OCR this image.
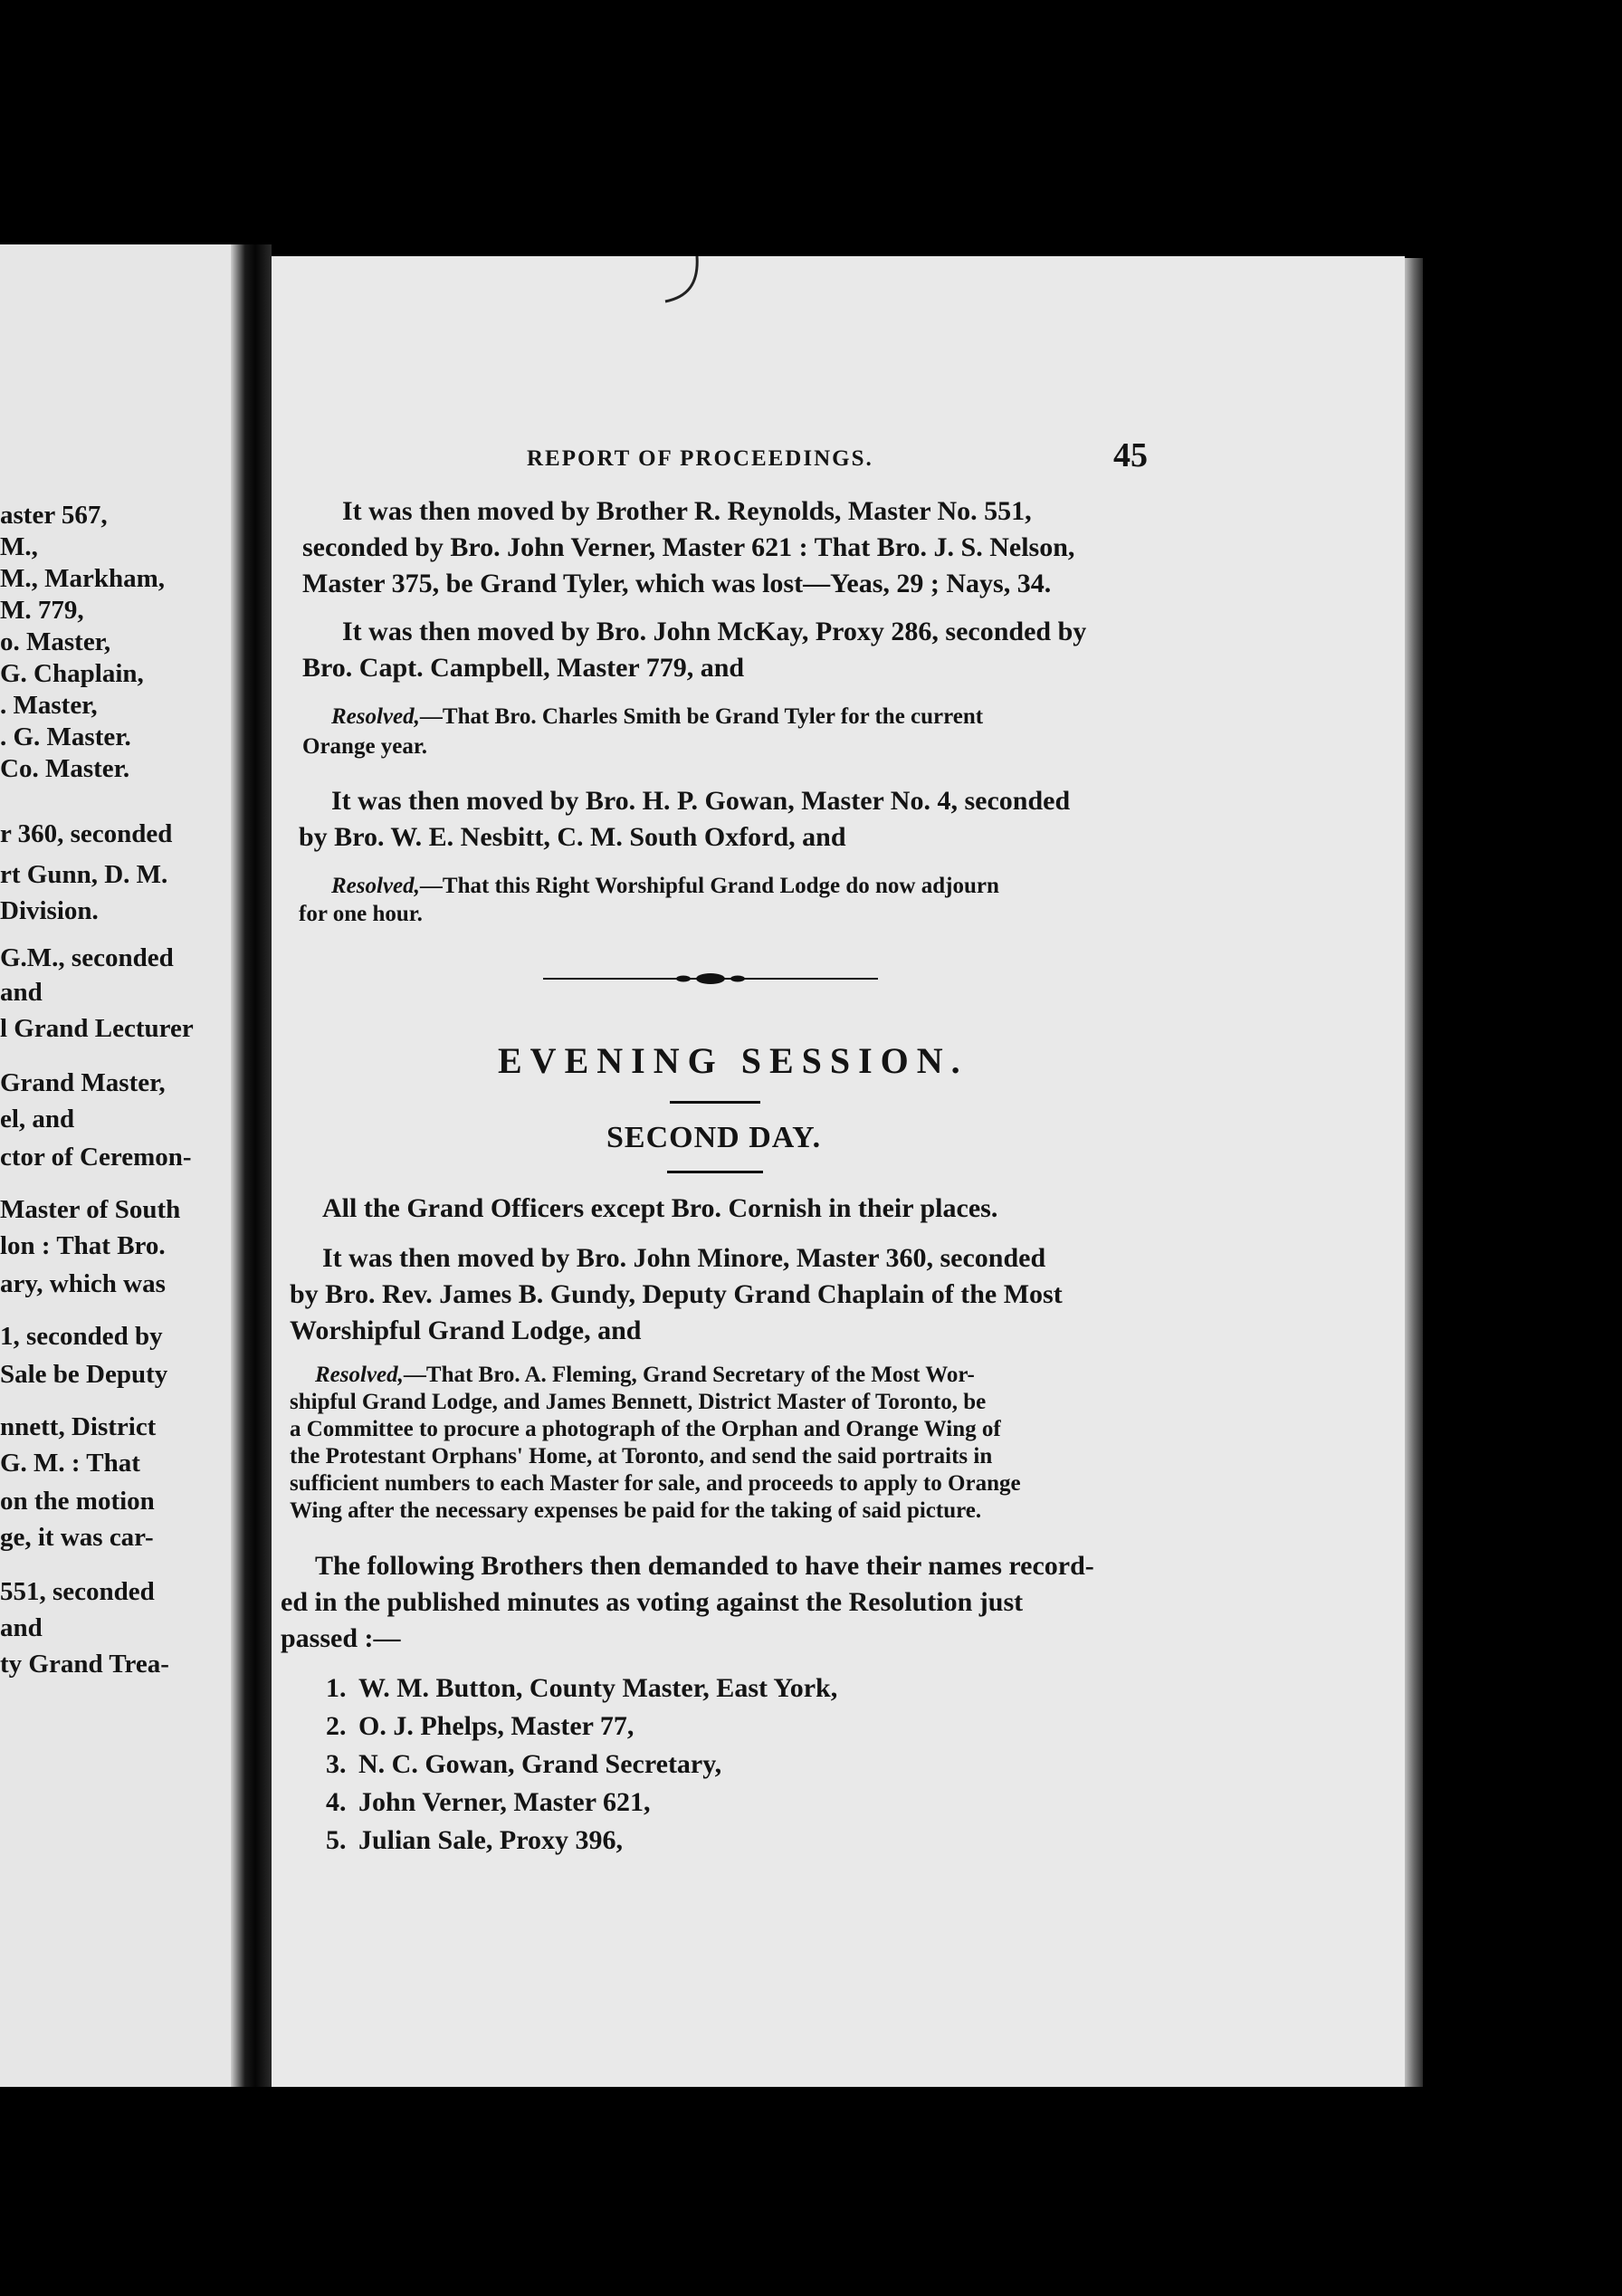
aster 567,
M.,
M., Markham,
M. 779,
o. Master,
G. Chaplain,
. Master,
. G. Master.
Co. Master.
r 360, seconded
rt Gunn, D. M.
Division.
G.M., seconded
and
l Grand Lecturer
Grand Master,
el, and
ctor of Ceremon-
Master of South
lon : That Bro.
ary, which was
1, seconded by
Sale be Deputy
nnett, District
G. M. : That
on the motion
ge, it was car-
551, seconded
and
ty Grand Trea-
REPORT OF PROCEEDINGS.	45
It was then moved by Brother R. Reynolds, Master No. 551,
seconded by Bro. John Verner, Master 621 : That Bro. J. S. Nelson,
Master 375, be Grand Tyler, which was lost—Yeas, 29 ; Nays, 34.
It was then moved by Bro. John McKay, Proxy 286, seconded by
Bro. Capt. Campbell, Master 779, and
Resolved,—That Bro. Charles Smith be Grand Tyler for the current
Orange year.
It was then moved by Bro. H. P. Gowan, Master No. 4, seconded
by Bro. W. E. Nesbitt, C. M. South Oxford, and
Resolved,—That this Right Worshipful Grand Lodge do now adjourn
for one hour.
EVENING SESSION.
SECOND DAY.
All the Grand Officers except Bro. Cornish in their places.
It was then moved by Bro. John Minore, Master 360, seconded
by Bro. Rev. James B. Gundy, Deputy Grand Chaplain of the Most
Worshipful Grand Lodge, and
Resolved,—That Bro. A. Fleming, Grand Secretary of the Most Wor-
shipful Grand Lodge, and James Bennett, District Master of Toronto, be
a Committee to procure a photograph of the Orphan and Orange Wing of
the Protestant Orphans' Home, at Toronto, and send the said portraits in
sufficient numbers to each Master for sale, and proceeds to apply to Orange
Wing after the necessary expenses be paid for the taking of said picture.
The following Brothers then demanded to have their names record-
ed in the published minutes as voting against the Resolution just
passed :—
1. W. M. Button, County Master, East York,
2. O. J. Phelps, Master 77,
3. N. C. Gowan, Grand Secretary,
4. John Verner, Master 621,
5. Julian Sale, Proxy 396,
